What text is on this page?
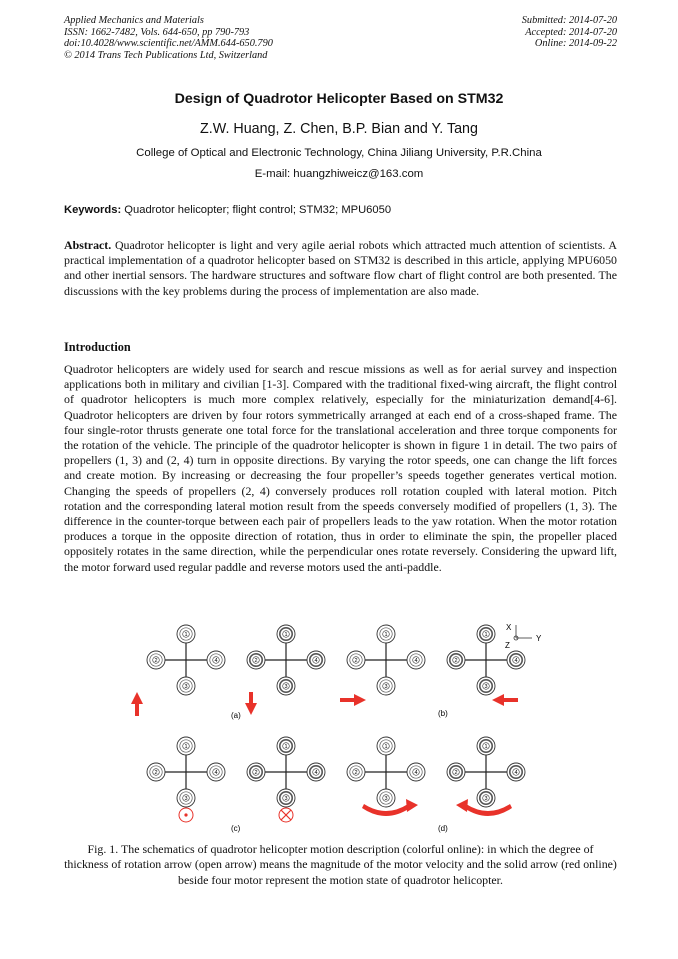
Applied Mechanics and Materials
ISSN: 1662-7482, Vols. 644-650, pp 790-793
doi:10.4028/www.scientific.net/AMM.644-650.790
© 2014 Trans Tech Publications Ltd, Switzerland
Submitted: 2014-07-20
Accepted: 2014-07-20
Online: 2014-09-22
Design of Quadrotor Helicopter Based on STM32
Z.W. Huang, Z. Chen, B.P. Bian and Y. Tang
College of Optical and Electronic Technology, China Jiliang University, P.R.China
E-mail: huangzhiweicz@163.com
Keywords: Quadrotor helicopter; flight control; STM32; MPU6050
Abstract. Quadrotor helicopter is light and very agile aerial robots which attracted much attention of scientists. A practical implementation of a quadrotor helicopter based on STM32 is described in this article, applying MPU6050 and other inertial sensors. The hardware structures and software flow chart of flight control are both presented. The discussions with the key problems during the process of implementation are also made.
Introduction
Quadrotor helicopters are widely used for search and rescue missions as well as for aerial survey and inspection applications both in military and civilian [1-3]. Compared with the traditional fixed-wing aircraft, the flight control of quadrotor helicopters is much more complex relatively, especially for the miniaturization demand[4-6]. Quadrotor helicopters are driven by four rotors symmetrically arranged at each end of a cross-shaped frame. The four single-rotor thrusts generate one total force for the translational acceleration and three torque components for the rotation of the vehicle. The principle of the quadrotor helicopter is shown in figure 1 in detail. The two pairs of propellers (1, 3) and (2, 4) turn in opposite directions. By varying the rotor speeds, one can change the lift forces and create motion. By increasing or decreasing the four propeller’s speeds together generates vertical motion. Changing the speeds of propellers (2, 4) conversely produces roll rotation coupled with lateral motion. Pitch rotation and the corresponding lateral motion result from the speeds conversely modified of propellers (1, 3). The difference in the counter-torque between each pair of propellers leads to the yaw rotation. When the motor rotation produces a torque in the opposite direction of rotation, thus in order to eliminate the spin, the propeller placed oppositely rotates in the same direction, while the perpendicular ones rotate reversely. Considering the upward lift, the motor forward used regular paddle and reverse motors used the anti-paddle.
1
2
3
4
1
2
3
4
1
2
3
4
1
2
3
4
1
2
3
4
1
2
3
4
1
2
3
4
1
2
3
4
(a)	(b)
(c)	(d)
X
Z
Y
Fig. 1. The schematics of quadrotor helicopter motion description (colorful online): in which the degree of thickness of rotation arrow (open arrow) means the magnitude of the motor velocity and the solid arrow (red online) beside four motor represent the motion state of quadrotor helicopter.
